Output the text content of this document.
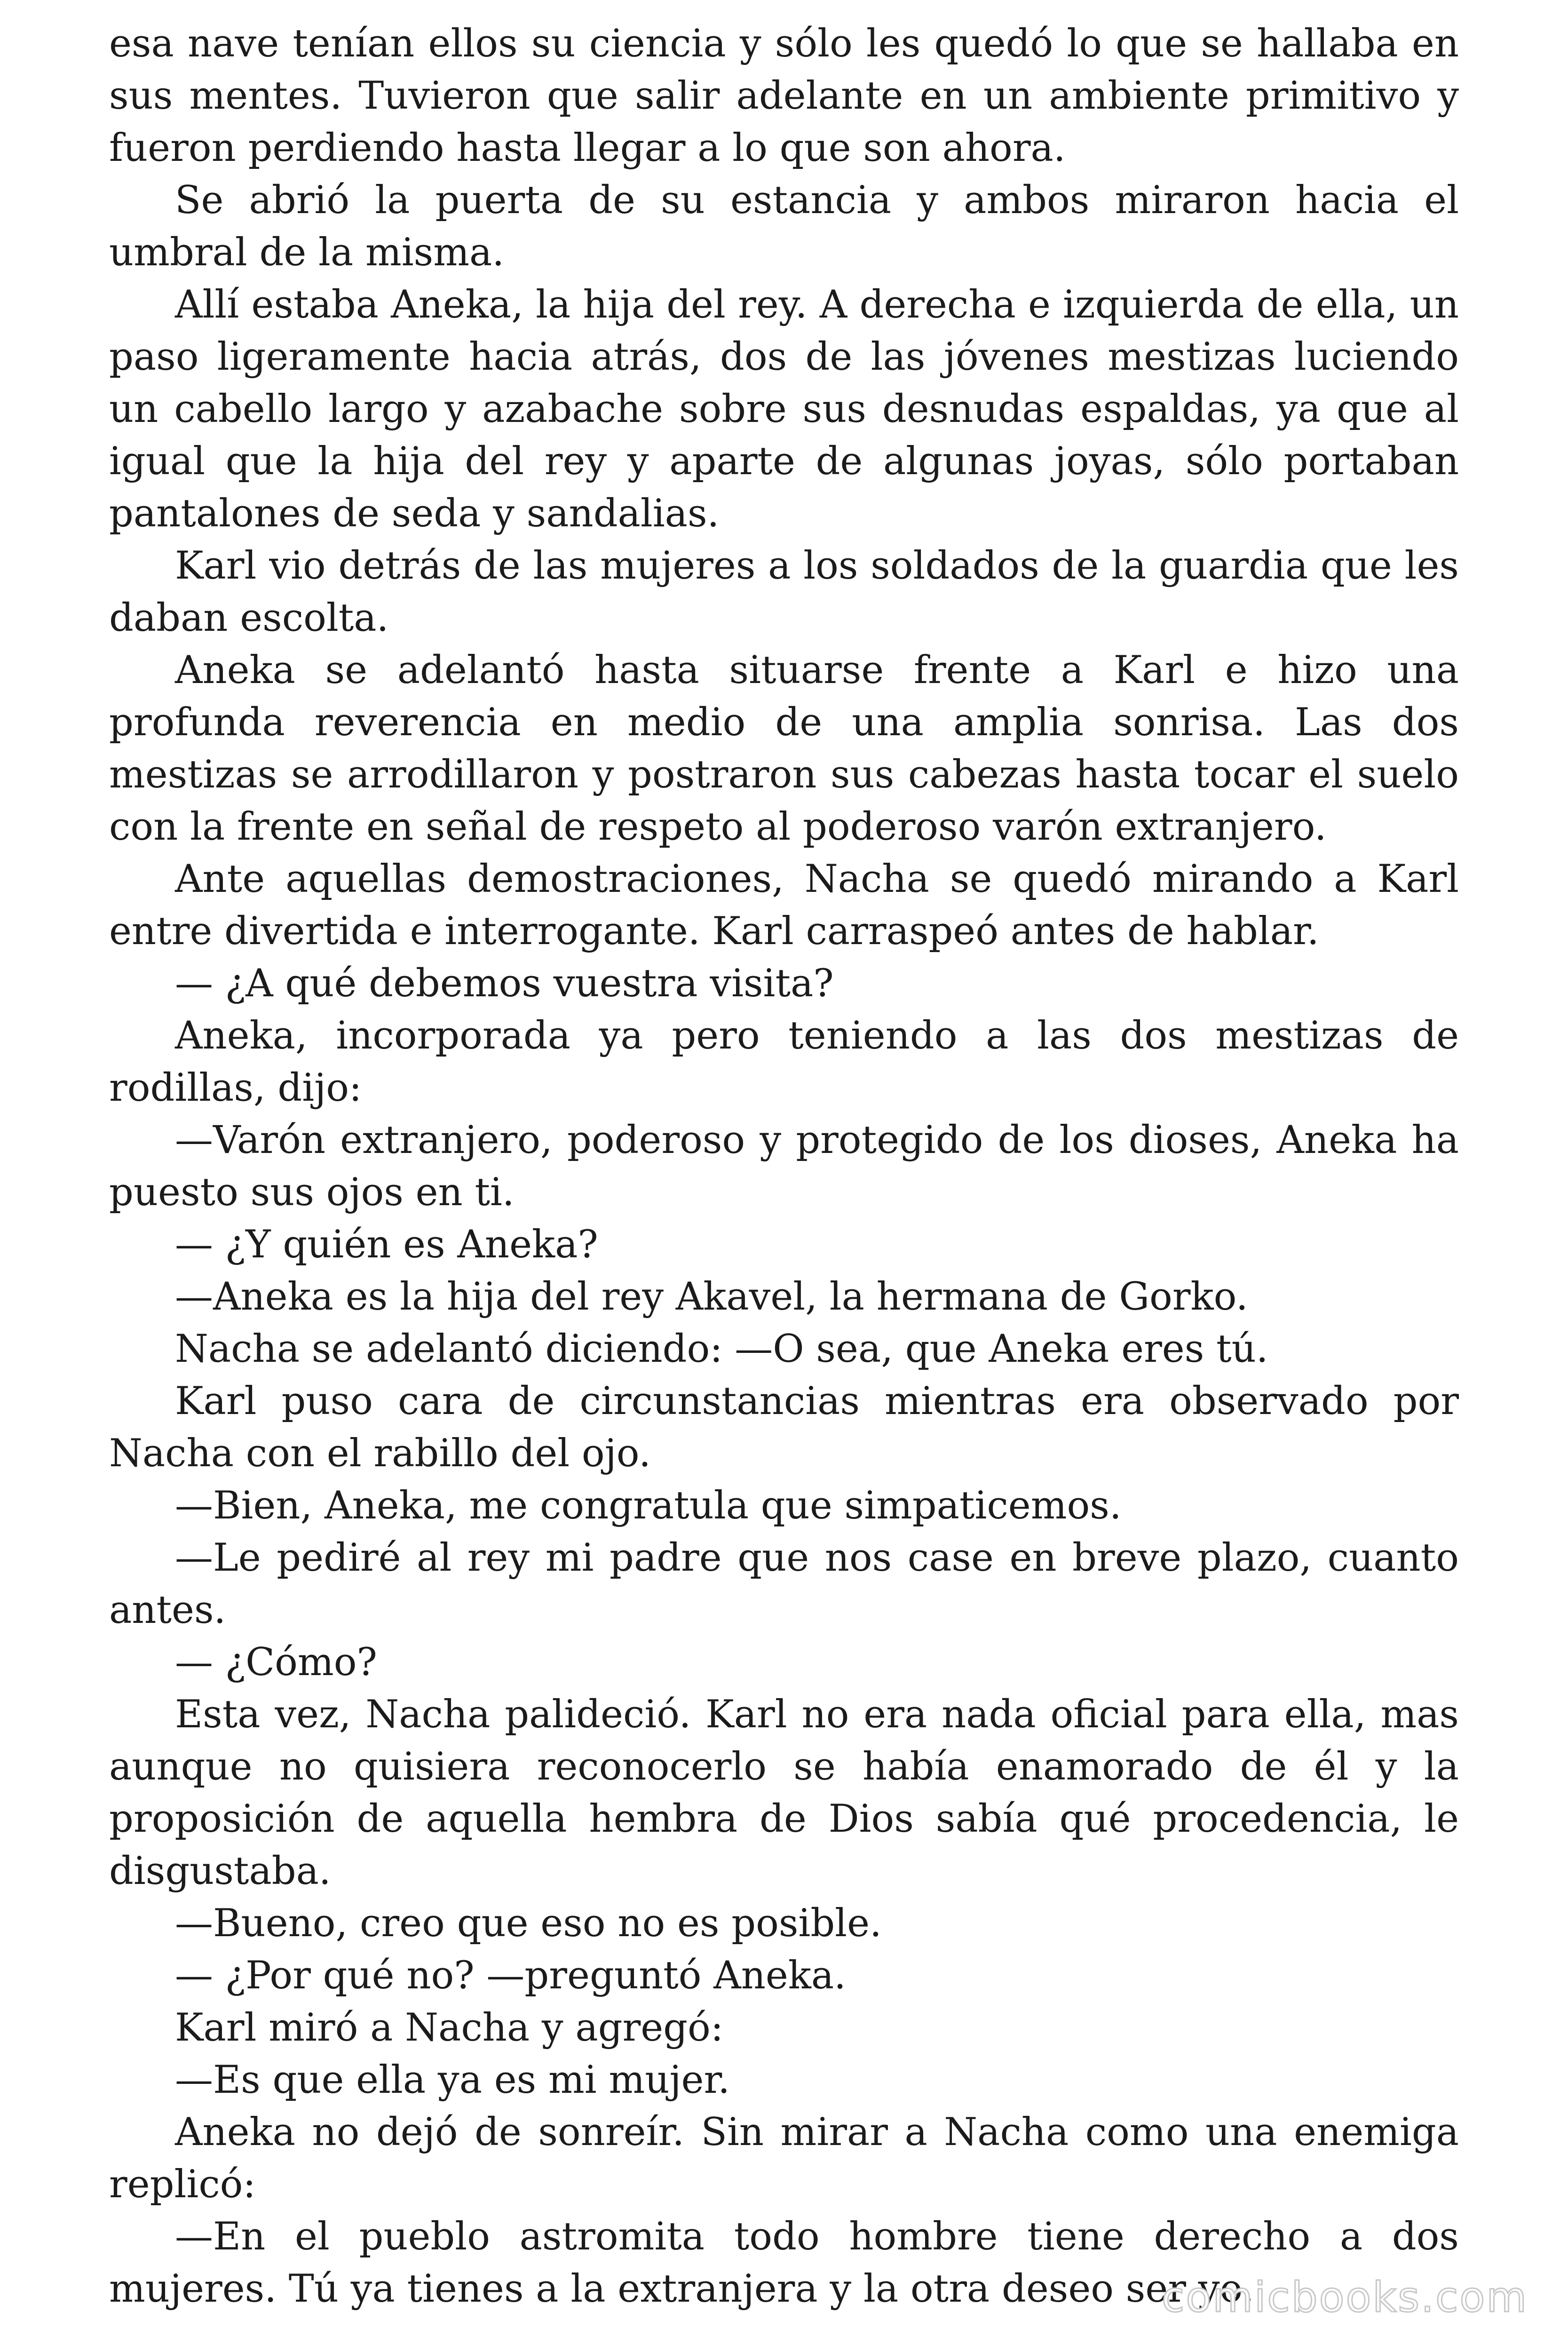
esa nave tenían ellos su ciencia y sólo les quedó lo que se hallaba en sus mentes. Tuvieron que salir adelante en un ambiente primitivo y fueron perdiendo hasta llegar a lo que son ahora.

Se abrió la puerta de su estancia y ambos miraron hacia el umbral de la misma.

Allí estaba Aneka, la hija del rey. A derecha e izquierda de ella, un paso ligeramente hacia atrás, dos de las jóvenes mestizas luciendo un cabello largo y azabache sobre sus desnudas espaldas, ya que al igual que la hija del rey y aparte de algunas joyas, sólo portaban pantalones de seda y sandalias.

Karl vio detrás de las mujeres a los soldados de la guardia que les daban escolta.

Aneka se adelantó hasta situarse frente a Karl e hizo una profunda reverencia en medio de una amplia sonrisa. Las dos mestizas se arrodillaron y postraron sus cabezas hasta tocar el suelo con la frente en señal de respeto al poderoso varón extranjero.

Ante aquellas demostraciones, Nacha se quedó mirando a Karl entre divertida e interrogante. Karl carraspeó antes de hablar.

— ¿A qué debemos vuestra visita?

Aneka, incorporada ya pero teniendo a las dos mestizas de rodillas, dijo:

—Varón extranjero, poderoso y protegido de los dioses, Aneka ha puesto sus ojos en ti.

— ¿Y quién es Aneka?

—Aneka es la hija del rey Akavel, la hermana de Gorko.

Nacha se adelantó diciendo: —O sea, que Aneka eres tú.

Karl puso cara de circunstancias mientras era observado por Nacha con el rabillo del ojo.

—Bien, Aneka, me congratula que simpaticemos.

—Le pediré al rey mi padre que nos case en breve plazo, cuanto antes.

— ¿Cómo?

Esta vez, Nacha palideció. Karl no era nada oficial para ella, mas aunque no quisiera reconocerlo se había enamorado de él y la proposición de aquella hembra de Dios sabía qué procedencia, le disgustaba.

—Bueno, creo que eso no es posible.

— ¿Por qué no? —preguntó Aneka.

Karl miró a Nacha y agregó:

—Es que ella ya es mi mujer.

Aneka no dejó de sonreír. Sin mirar a Nacha como una enemiga replicó:

—En el pueblo astromita todo hombre tiene derecho a dos mujeres. Tú ya tienes a la extranjera y la otra deseo ser yo.

comicbooks.com
